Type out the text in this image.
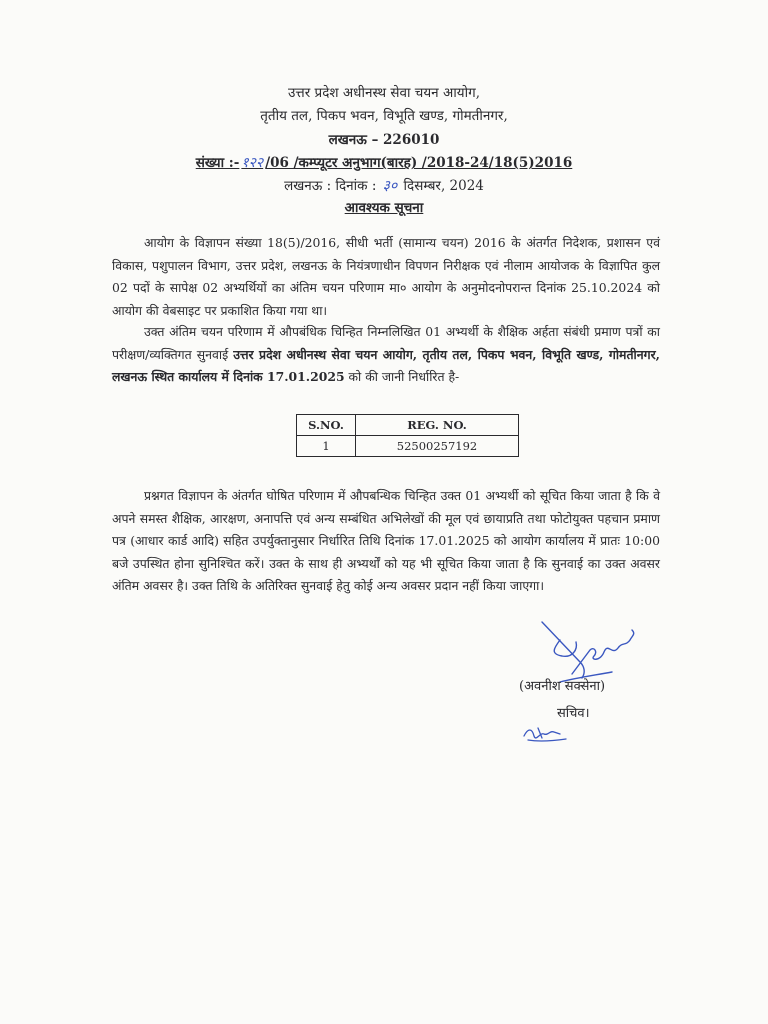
उत्तर प्रदेश अधीनस्थ सेवा चयन आयोग,
तृतीय तल, पिकप भवन, विभूति खण्ड, गोमतीनगर,
लखनऊ – 226010
संख्या :- १२२ /06 /कम्प्यूटर अनुभाग(बारह) /2018-24/18(5)2016
लखनऊ : दिनांक : ३० दिसम्बर, 2024
आवश्यक सूचना
आयोग के विज्ञापन संख्या 18(5)/2016, सीधी भर्ती (सामान्य चयन) 2016 के अंतर्गत निदेशक, प्रशासन एवं विकास, पशुपालन विभाग, उत्तर प्रदेश, लखनऊ के नियंत्रणाधीन विपणन निरीक्षक एवं नीलाम आयोजक के विज्ञापित कुल 02 पदों के सापेक्ष 02 अभ्यर्थियों का अंतिम चयन परिणाम मा० आयोग के अनुमोदनोपरान्त दिनांक 25.10.2024 को आयोग की वेबसाइट पर प्रकाशित किया गया था।
उक्त अंतिम चयन परिणाम में औपबंधिक चिन्हित निम्नलिखित 01 अभ्यर्थी के शैक्षिक अर्हता संबंधी प्रमाण पत्रों का परीक्षण/व्यक्तिगत सुनवाई उत्तर प्रदेश अधीनस्थ सेवा चयन आयोग, तृतीय तल, पिकप भवन, विभूति खण्ड, गोमतीनगर, लखनऊ स्थित कार्यालय में दिनांक 17.01.2025 को की जानी निर्धारित है-
S.NO.	REG. NO.
1	52500257192
प्रश्नगत विज्ञापन के अंतर्गत घोषित परिणाम में औपबन्धिक चिन्हित उक्त 01 अभ्यर्थी को सूचित किया जाता है कि वे अपने समस्त शैक्षिक, आरक्षण, अनापत्ति एवं अन्य सम्बंधित अभिलेखों की मूल एवं छायाप्रति तथा फोटोयुक्त पहचान प्रमाण पत्र (आधार कार्ड आदि) सहित उपर्युक्तानुसार निर्धारित तिथि दिनांक 17.01.2025 को आयोग कार्यालय में प्रातः 10:00 बजे उपस्थित होना सुनिश्चित करें। उक्त के साथ ही अभ्यर्थों को यह भी सूचित किया जाता है कि सुनवाई का उक्त अवसर अंतिम अवसर है। उक्त तिथि के अतिरिक्त सुनवाई हेतु कोई अन्य अवसर प्रदान नहीं किया जाएगा।
(अवनीश सक्सेना)
सचिव।
